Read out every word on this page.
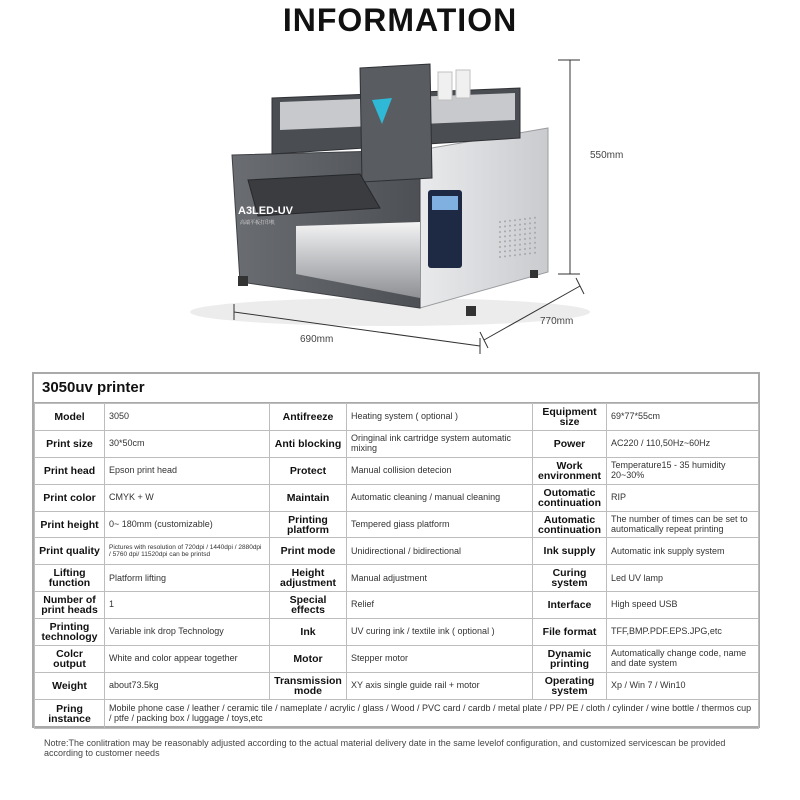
INFORMATION
A3LED-UV
高端平板打印机
550mm
770mm
690mm
3050uv printer
Model	3050	Antifreeze	Heating system ( optional )	Equipment size	69*77*55cm
Print size	30*50cm	Anti blocking	Oringinal ink cartridge system automatic mixing	Power	AC220 / 110,50Hz~60Hz
Print head	Epson print head	Protect	Manual collision detecion	Work environment	Temperature15 - 35 humidity 20~30%
Print color	CMYK + W	Maintain	Automatic cleaning / manual cleaning	Outomatic continuation	RIP
Print height	0~ 180mm (customizable)	Printing platform	Tempered giass platform	Automatic continuation	The number of times can be set to automatically repeat printing
Print quality	Pictures with resolution of 720dpi / 1440dpi / 2880dpi / 5760 dpi/ 11520dpi can be printsd	Print mode	Unidirectional / bidirectional	Ink supply	Automatic ink supply system
Lifting function	Platform lifting	Height adjustment	Manual adjustment	Curing system	Led UV lamp
Number of print heads	1	Special effects	Relief	Interface	High speed USB
Printing technology	Variable ink drop Technology	Ink	UV curing ink / textile ink ( optional )	File format	TFF,BMP.PDF.EPS.JPG,etc
Colcr output	White and color appear together	Motor	Stepper motor	Dynamic printing	Automatically change code, name and date system
Weight	about73.5kg	Transmission mode	XY axis single guide rail + motor	Operating system	Xp / Win 7 / Win10
Pring instance	Mobile phone case / leather / ceramic tile / nameplate / acrylic / glass / Wood / PVC card / cardb / metal plate / PP/ PE / cloth / cylinder / wine bottle / thermos cup / ptfe / packing box / luggage / toys,etc				
Notre:The conlitration may be reasonably adjusted according to the actual material delivery date in the same levelof configuration, and customized servicescan be provided according to customer needs
